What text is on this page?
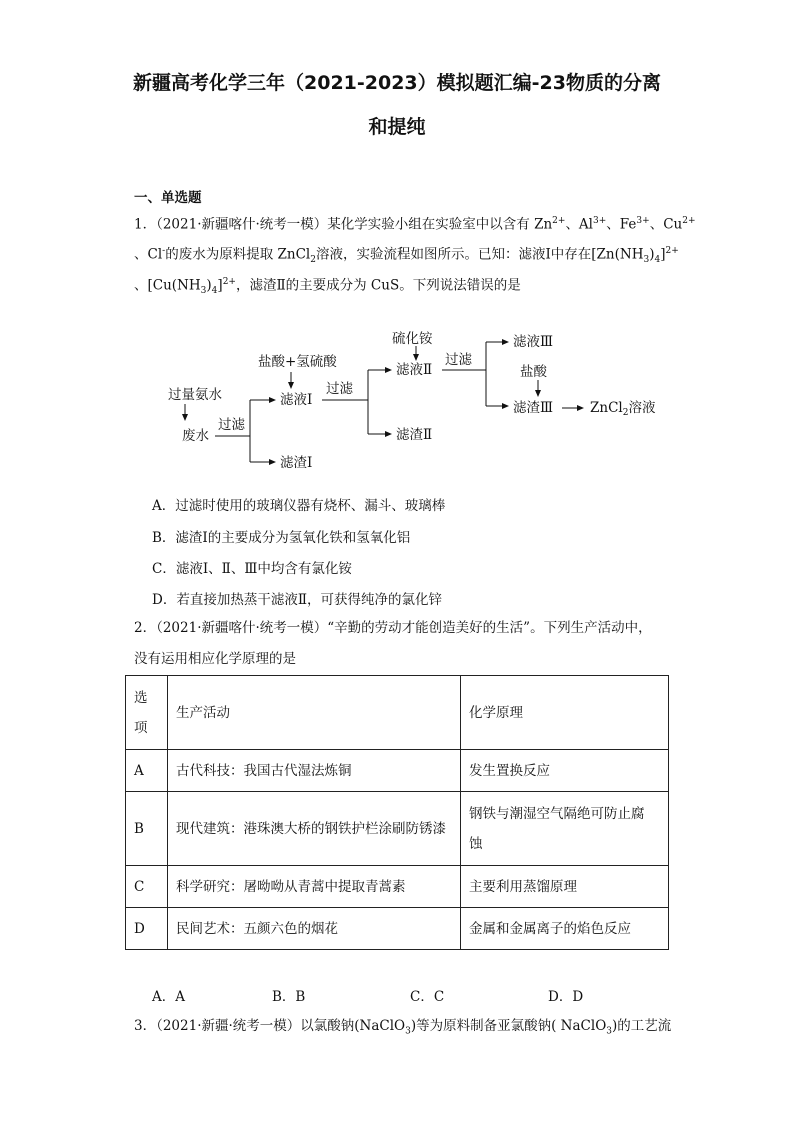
新疆高考化学三年（2021-2023）模拟题汇编-23物质的分离
和提纯
一、单选题
1．（2021·新疆喀什·统考一模）某化学实验小组在实验室中以含有 $Zn^{2+}$、$Al^{3+}$、$Fe^{3+}$、$Cu^{2+}$
、Cl-的废水为原料提取 ZnCl$_2$溶液，实验流程如图所示。已知：滤液Ⅰ中存在$[Zn(NH_3)_4]^{2+}$
、$[Cu(NH_3)_4]^{2+}$，滤渣Ⅱ的主要成分为 CuS。下列说法错误的是
过量氨水
废水
过滤
盐酸+氢硫酸
滤液Ⅰ
滤渣Ⅰ
过滤
硫化铵
滤液Ⅱ
滤渣Ⅱ
过滤
滤液Ⅲ
盐酸
滤渣Ⅲ	ZnCl$_2$溶液
A．过滤时使用的玻璃仪器有烧杯、漏斗、玻璃棒
B．滤渣Ⅰ的主要成分为氢氧化铁和氢氧化铝
C．滤液Ⅰ、Ⅱ、Ⅲ中均含有氯化铵
D．若直接加热蒸干滤液Ⅱ，可获得纯净的氯化锌
2．（2021·新疆喀什·统考一模）“辛勤的劳动才能创造美好的生活”。下列生产活动中，
没有运用相应化学原理的是
选
项	生产活动	化学原理
A	古代科技：我国古代湿法炼铜	发生置换反应
B	现代建筑：港珠澳大桥的钢铁护栏涂刷防锈漆	钢铁与潮湿空气隔绝可防止腐
蚀
C	科学研究：屠呦呦从青蒿中提取青蒿素	主要利用蒸馏原理
D	民间艺术：五颜六色的烟花	金属和金属离子的焰色反应
A．A	B．B	C．C	D．D
3．（2021·新疆·统考一模）以氯酸钠(NaClO$_3$)等为原料制备亚氯酸钠( NaClO$_3$)的工艺流
